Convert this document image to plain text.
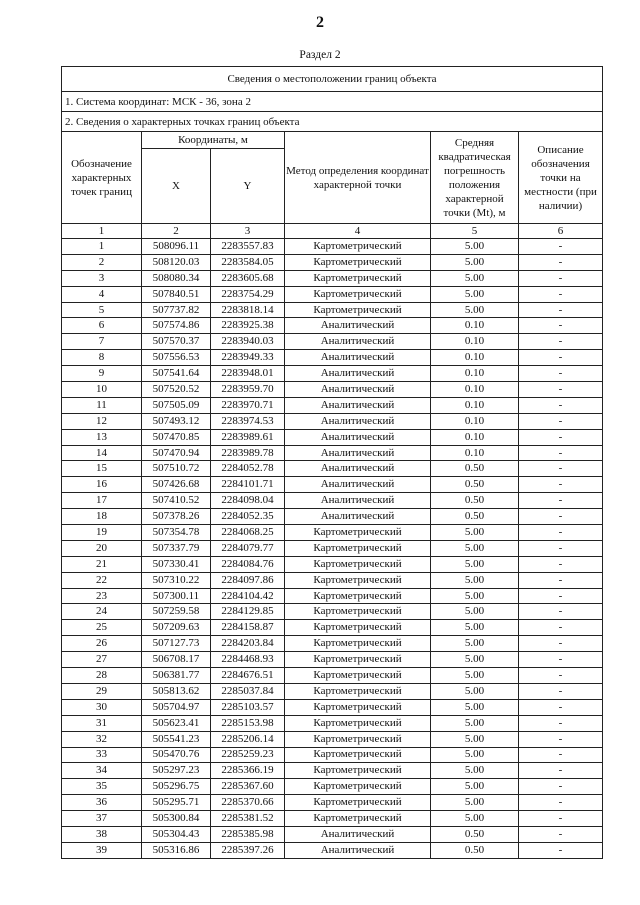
2
Раздел 2
Сведения о местоположении границ объекта					
1. Система координат: МСК - 36, зона 2					
2. Сведения о характерных точках границ объекта					
Обозначение характерных точек границ	Координаты, м		Метод определения координат характерной точки	Средняя квадратическая погрешность положения характерной точки (Mt), м	Описание обозначения точки на местности (при наличии)
	X	Y			
1	2	3	4	5	6
1	508096.11	2283557.83	Картометрический	5.00	-
2	508120.03	2283584.05	Картометрический	5.00	-
3	508080.34	2283605.68	Картометрический	5.00	-
4	507840.51	2283754.29	Картометрический	5.00	-
5	507737.82	2283818.14	Картометрический	5.00	-
6	507574.86	2283925.38	Аналитический	0.10	-
7	507570.37	2283940.03	Аналитический	0.10	-
8	507556.53	2283949.33	Аналитический	0.10	-
9	507541.64	2283948.01	Аналитический	0.10	-
10	507520.52	2283959.70	Аналитический	0.10	-
11	507505.09	2283970.71	Аналитический	0.10	-
12	507493.12	2283974.53	Аналитический	0.10	-
13	507470.85	2283989.61	Аналитический	0.10	-
14	507470.94	2283989.78	Аналитический	0.10	-
15	507510.72	2284052.78	Аналитический	0.50	-
16	507426.68	2284101.71	Аналитический	0.50	-
17	507410.52	2284098.04	Аналитический	0.50	-
18	507378.26	2284052.35	Аналитический	0.50	-
19	507354.78	2284068.25	Картометрический	5.00	-
20	507337.79	2284079.77	Картометрический	5.00	-
21	507330.41	2284084.76	Картометрический	5.00	-
22	507310.22	2284097.86	Картометрический	5.00	-
23	507300.11	2284104.42	Картометрический	5.00	-
24	507259.58	2284129.85	Картометрический	5.00	-
25	507209.63	2284158.87	Картометрический	5.00	-
26	507127.73	2284203.84	Картометрический	5.00	-
27	506708.17	2284468.93	Картометрический	5.00	-
28	506381.77	2284676.51	Картометрический	5.00	-
29	505813.62	2285037.84	Картометрический	5.00	-
30	505704.97	2285103.57	Картометрический	5.00	-
31	505623.41	2285153.98	Картометрический	5.00	-
32	505541.23	2285206.14	Картометрический	5.00	-
33	505470.76	2285259.23	Картометрический	5.00	-
34	505297.23	2285366.19	Картометрический	5.00	-
35	505296.75	2285367.60	Картометрический	5.00	-
36	505295.71	2285370.66	Картометрический	5.00	-
37	505300.84	2285381.52	Картометрический	5.00	-
38	505304.43	2285385.98	Аналитический	0.50	-
39	505316.86	2285397.26	Аналитический	0.50	-
